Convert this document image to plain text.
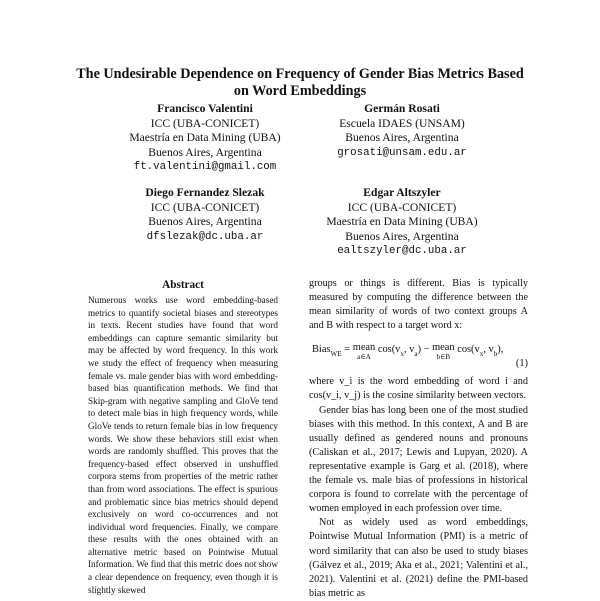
The Undesirable Dependence on Frequency of Gender Bias Metrics Based
on Word Embeddings
Francisco Valentini
ICC (UBA-CONICET)
Maestría en Data Mining (UBA)
Buenos Aires, Argentina
ft.valentini@gmail.com
Germán Rosati
Escuela IDAES (UNSAM)
Buenos Aires, Argentina
grosati@unsam.edu.ar
Diego Fernandez Slezak
ICC (UBA-CONICET)
Buenos Aires, Argentina
dfslezak@dc.uba.ar
Edgar Altszyler
ICC (UBA-CONICET)
Maestría en Data Mining (UBA)
Buenos Aires, Argentina
ealtszyler@dc.uba.ar
Abstract
Numerous works use word embedding-based metrics to quantify societal biases and stereotypes in texts. Recent studies have found that word embeddings can capture semantic similarity but may be affected by word frequency. In this work we study the effect of frequency when measuring female vs. male gender bias with word embedding-based bias quantification methods. We find that Skip-gram with negative sampling and GloVe tend to detect male bias in high frequency words, while GloVe tends to return female bias in low frequency words. We show these behaviors still exist when words are randomly shuffled. This proves that the frequency-based effect observed in unshuffled corpora stems from properties of the metric rather than from word associations. The effect is spurious and problematic since bias metrics should depend exclusively on word co-occurrences and not individual word frequencies. Finally, we compare these results with the ones obtained with an alternative metric based on Pointwise Mutual Information. We find that this metric does not show a clear dependence on frequency, even though it is slightly skewed

groups or things is different. Bias is typically measured by computing the difference between the mean similarity of words of two context groups A and B with respect to a target word x:

Bias$_{WE}$ = mean
a∈A
$\cos(v_x$, $v_a$) − mean
b∈B
$\cos(v_x$, $v_b$),
(1)

where v_i is the word embedding of word i and cos(v_i, v_j) is the cosine similarity between vectors.

Gender bias has long been one of the most studied biases with this method. In this context, A and B are usually defined as gendered nouns and pronouns (Caliskan et al., 2017; Lewis and Lupyan, 2020). A representative example is Garg et al. (2018), where the female vs. male bias of professions in historical corpora is found to correlate with the percentage of women employed in each profession over time.

Not as widely used as word embeddings, Pointwise Mutual Information (PMI) is a metric of word similarity that can also be used to study biases (Gálvez et al., 2019; Aka et al., 2021; Valentini et al., 2021). Valentini et al. (2021) define the PMI-based bias metric as
